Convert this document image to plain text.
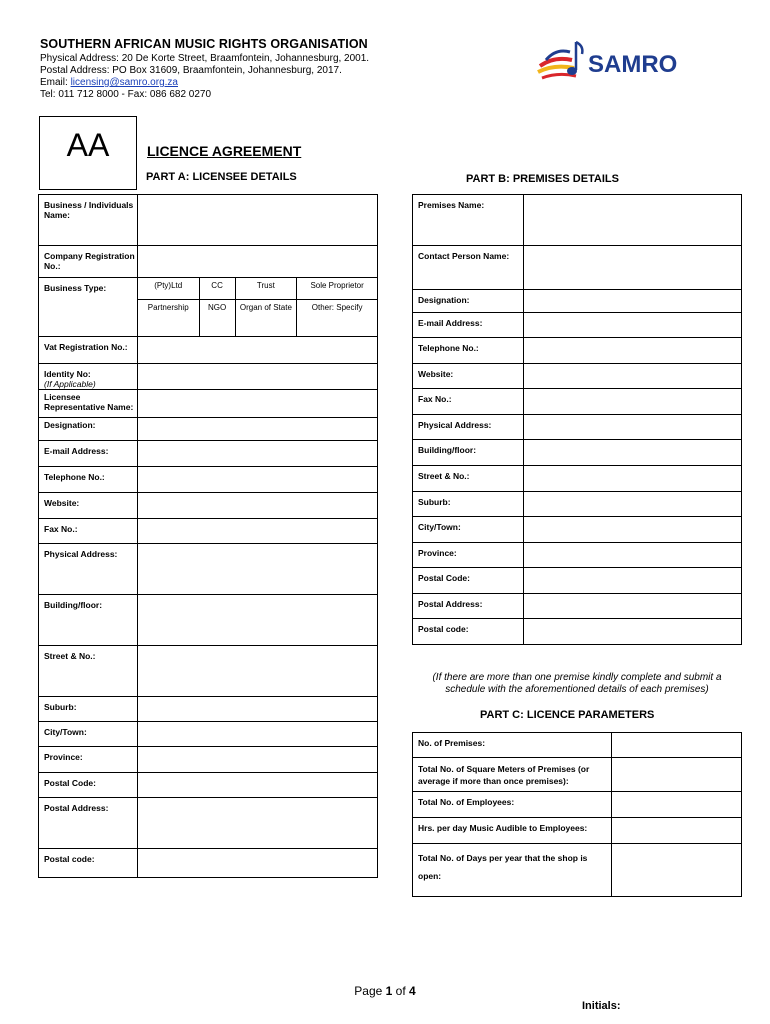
SOUTHERN AFRICAN MUSIC RIGHTS ORGANISATION
Physical Address: 20 De Korte Street, Braamfontein, Johannesburg, 2001.
Postal Address: PO Box 31609, Braamfontein, Johannesburg, 2017.
Email: licensing@samro.org.za
Tel: 011 712 8000 - Fax: 086 682 0270
SAMRO
AA	LICENCE AGREEMENT
PART A: LICENSEE DETAILS	PART B: PREMISES DETAILS
Business / Individuals Name:				
Company Registration No.:				
Business Type:	(Pty)Ltd	CC	Trust	Sole Proprietor
	Partnership	NGO	Organ of State	Other: Specify
Vat Registration No.:				

Identity No:
(If Applicable)				

Licensee Representative Name:				
Designation:				
E-mail Address:				
Telephone No.:				
Website:				
Fax No.:				
Physical Address:				
Building/floor:				
Street & No.:				
Suburb:				
City/Town:				
Province:				
Postal Code:				
Postal Address:				
Postal code:				
Premises Name:	
Contact Person Name:	
Designation:	
E-mail Address:	
Telephone No.:	
Website:	
Fax No.:	
Physical Address:	
Building/floor:	
Street & No.:	
Suburb:	
City/Town:	
Province:	
Postal Code:	
Postal Address:	
Postal code:	
(If there are more than one premise kindly complete and submit a schedule with the aforementioned details of each premises)
PART C: LICENCE PARAMETERS
No. of Premises:	
Total No. of Square Meters of Premises (or average if more than once premises):	
Total No. of Employees:	
Hrs. per day Music Audible to Employees:	

Total No. of Days per year that the shop is
open:	

Page 1 of 4
Initials:
